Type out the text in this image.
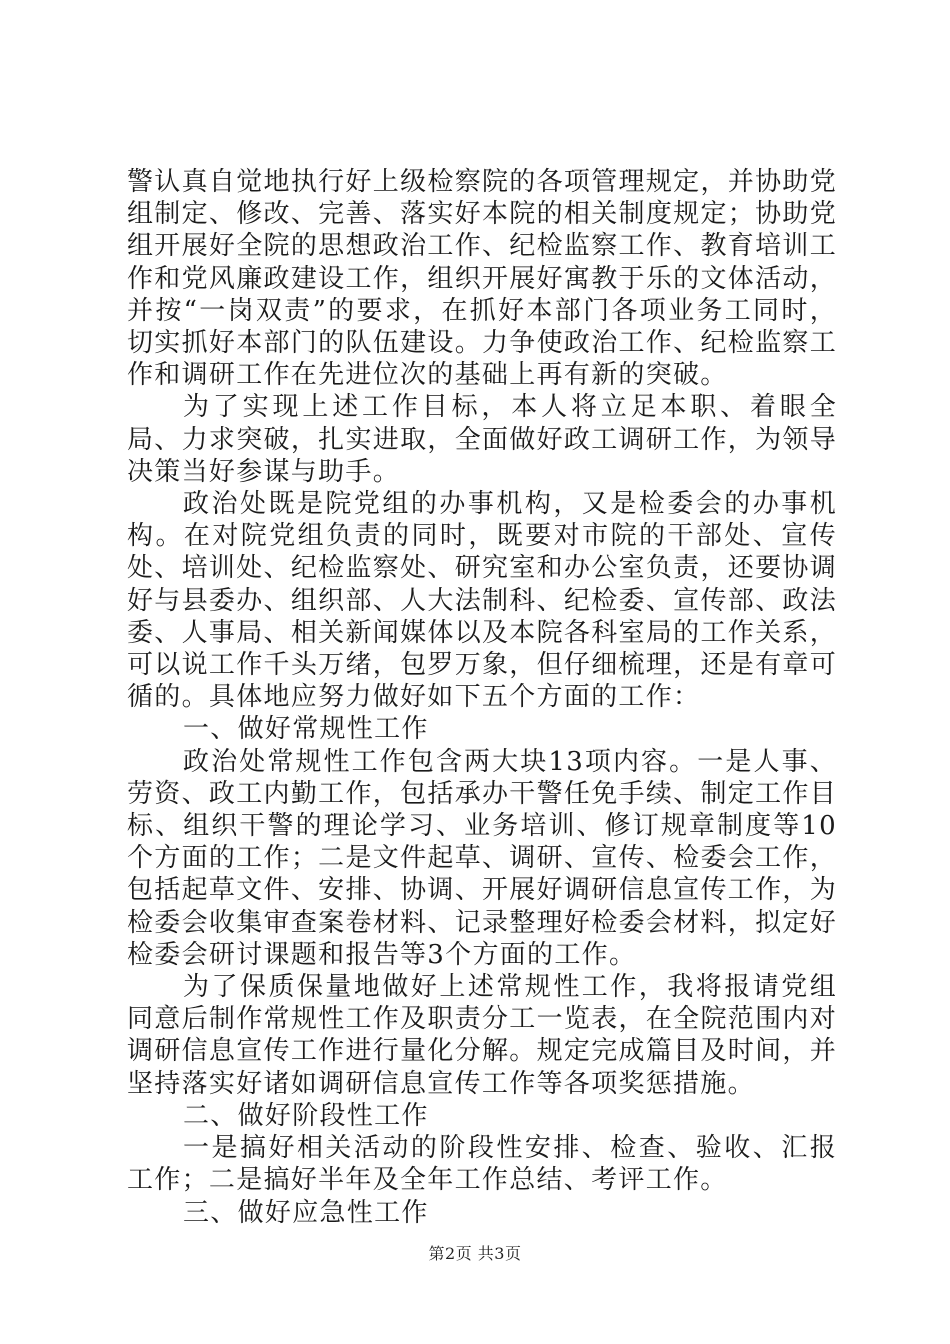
警认真自觉地执行好上级检察院的各项管理规定，并协助党组制定、修改、完善、落实好本院的相关制度规定；协助党组开展好全院的思想政治工作、纪检监察工作、教育培训工作和党风廉政建设工作，组织开展好寓教于乐的文体活动，并按“一岗双责”的要求，在抓好本部门各项业务工同时，切实抓好本部门的队伍建设。力争使政治工作、纪检监察工作和调研工作在先进位次的基础上再有新的突破。

为了实现上述工作目标，本人将立足本职、着眼全局、力求突破，扎实进取，全面做好政工调研工作，为领导决策当好参谋与助手。

政治处既是院党组的办事机构，又是检委会的办事机构。在对院党组负责的同时，既要对市院的干部处、宣传处、培训处、纪检监察处、研究室和办公室负责，还要协调好与县委办、组织部、人大法制科、纪检委、宣传部、政法委、人事局、相关新闻媒体以及本院各科室局的工作关系，可以说工作千头万绪，包罗万象，但仔细梳理，还是有章可循的。具体地应努力做好如下五个方面的工作：

一、做好常规性工作

政治处常规性工作包含两大块13项内容。一是人事、劳资、政工内勤工作，包括承办干警任免手续、制定工作目标、组织干警的理论学习、业务培训、修订规章制度等10个方面的工作；二是文件起草、调研、宣传、检委会工作，包括起草文件、安排、协调、开展好调研信息宣传工作，为检委会收集审查案卷材料、记录整理好检委会材料，拟定好检委会研讨课题和报告等3个方面的工作。

为了保质保量地做好上述常规性工作，我将报请党组同意后制作常规性工作及职责分工一览表，在全院范围内对调研信息宣传工作进行量化分解。规定完成篇目及时间，并坚持落实好诸如调研信息宣传工作等各项奖惩措施。

二、做好阶段性工作

一是搞好相关活动的阶段性安排、检查、验收、汇报工作；二是搞好半年及全年工作总结、考评工作。

三、做好应急性工作

第2页 共3页
